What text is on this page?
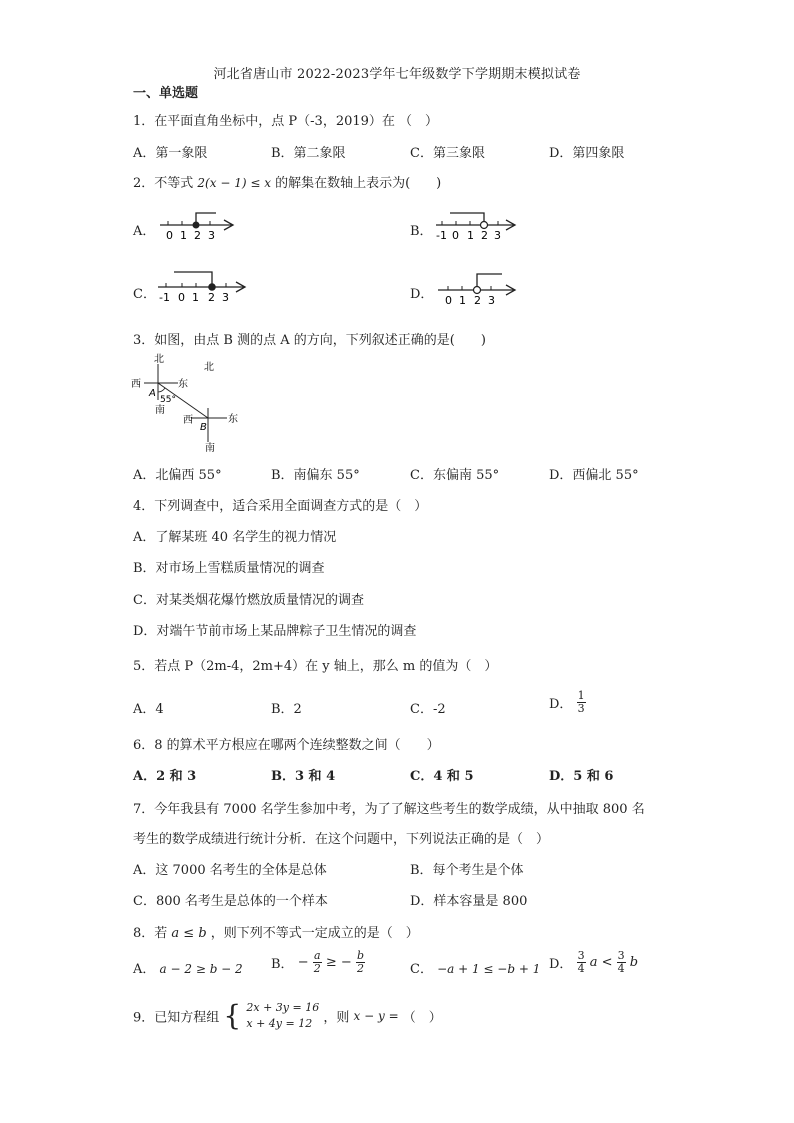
河北省唐山市 2022-2023学年七年级数学下学期期末模拟试卷
一、单选题
1．在平面直角坐标中，点 P（-3，2019）在 （　）
A．第一象限	B．第二象限	C．第三象限	D．第四象限
2．不等式 2(x − 1) ≤ x 的解集在数轴上表示为(　　)
A． 0 1 2 3	B． -1 0 1 2 3
C． -1 0 1 2 3	D． 0 1 2 3
3．如图，由点 B 测的点 A 的方向，下列叙述正确的是(　　)
北
西	东
南
A
55°
北
西	东
南
B
A．北偏西 55°	B．南偏东 55°	C．东偏南 55°	D．西偏北 55°
4．下列调查中，适合采用全面调查方式的是（　）
A．了解某班 40 名学生的视力情况
B．对市场上雪糕质量情况的调查
C．对某类烟花爆竹燃放质量情况的调查
D．对端午节前市场上某品牌粽子卫生情况的调查
5．若点 P（2m-4，2m+4）在 y 轴上，那么 m 的值为（　）
A．4	B．2	C．-2	D． $\frac{1}{3}$
6．8 的算术平方根应在哪两个连续整数之间（　　）
A．2 和 3	B．3 和 4	C．4 和 5	D．5 和 6
7．今年我县有 7000 名学生参加中考，为了了解这些考生的数学成绩，从中抽取 800 名
考生的数学成绩进行统计分析．在这个问题中，下列说法正确的是（　）
A．这 7000 名考生的全体是总体	B．每个考生是个体
C．800 名考生是总体的一个样本	D．样本容量是 800
8．若 a ≤ b ，则下列不等式一定成立的是（　）
A． a − 2 ≥ b − 2 B． − $\frac{a}{2}$ ≥ − $\frac{b}{2}$	C． −a + 1 ≤ −b + 1 D． $\frac{3}{4}$ $a < \frac{3}{4}$ b
9．已知方程组 { 2x + 3y = 16
x + 4y = 12 ，则 x − y = （　）
